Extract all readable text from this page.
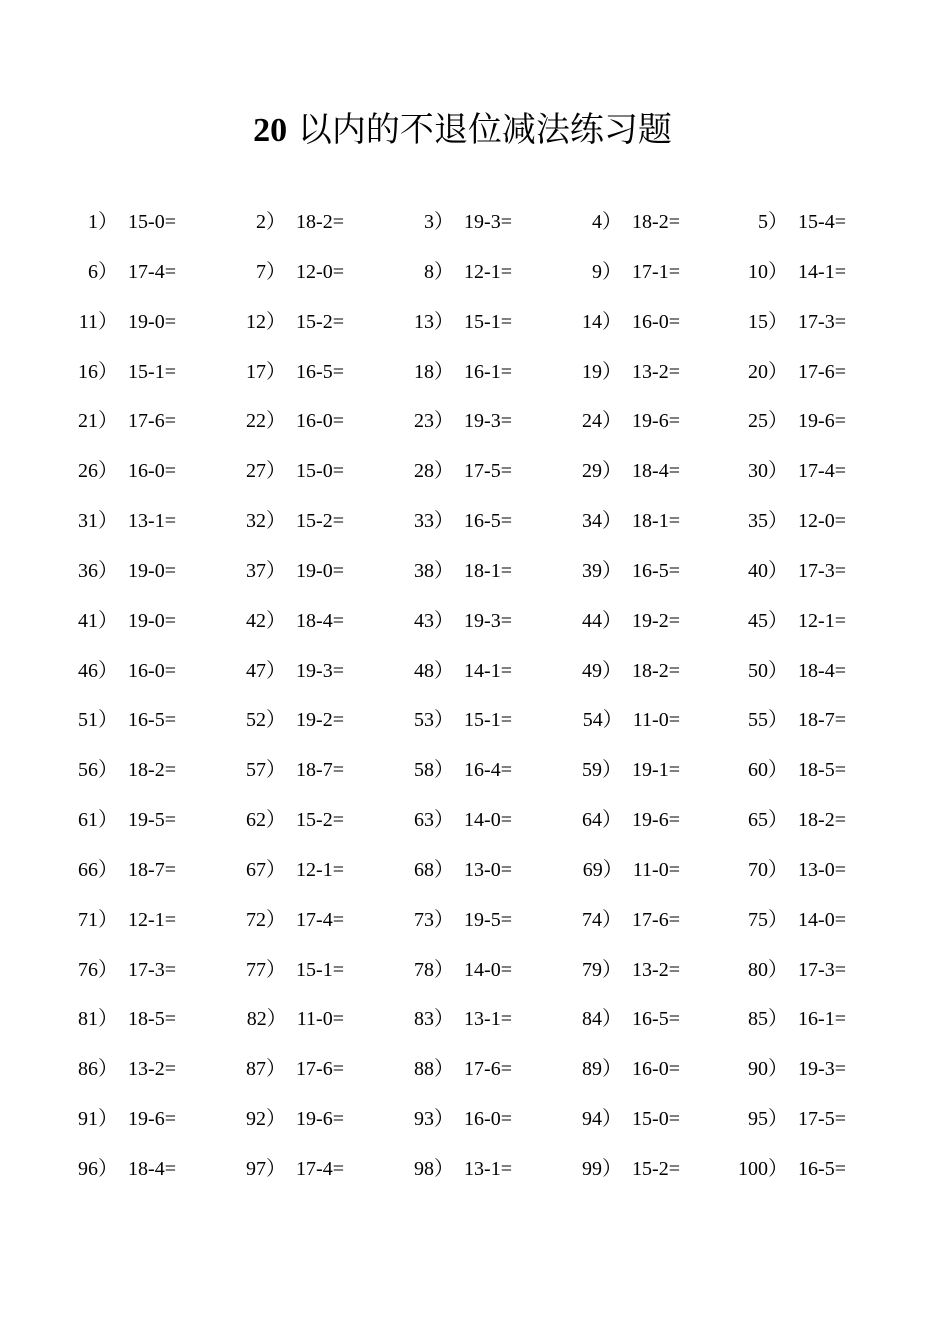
20 以内的不退位减法练习题
1）  15-0=	2）  18-2=	3）  19-3=	4）  18-2=	5）  15-4=
6）  17-4=	7）  12-0=	8）  12-1=	9）  17-1=	10）  14-1=
11）  19-0=	12）  15-2=	13）  15-1=	14）  16-0=	15）  17-3=
16）  15-1=	17）  16-5=	18）  16-1=	19）  13-2=	20）  17-6=
21）  17-6=	22）  16-0=	23）  19-3=	24）  19-6=	25）  19-6=
26）  16-0=	27）  15-0=	28）  17-5=	29）  18-4=	30）  17-4=
31）  13-1=	32）  15-2=	33）  16-5=	34）  18-1=	35）  12-0=
36）  19-0=	37）  19-0=	38）  18-1=	39）  16-5=	40）  17-3=
41）  19-0=	42）  18-4=	43）  19-3=	44）  19-2=	45）  12-1=
46）  16-0=	47）  19-3=	48）  14-1=	49）  18-2=	50）  18-4=
51）  16-5=	52）  19-2=	53）  15-1=	54）  11-0=	55）  18-7=
56）  18-2=	57）  18-7=	58）  16-4=	59）  19-1=	60）  18-5=
61）  19-5=	62）  15-2=	63）  14-0=	64）  19-6=	65）  18-2=
66）  18-7=	67）  12-1=	68）  13-0=	69）  11-0=	70）  13-0=
71）  12-1=	72）  17-4=	73）  19-5=	74）  17-6=	75）  14-0=
76）  17-3=	77）  15-1=	78）  14-0=	79）  13-2=	80）  17-3=
81）  18-5=	82）  11-0=	83）  13-1=	84）  16-5=	85）  16-1=
86）  13-2=	87）  17-6=	88）  17-6=	89）  16-0=	90）  19-3=
91）  19-6=	92）  19-6=	93）  16-0=	94）  15-0=	95）  17-5=
96）  18-4=	97）  17-4=	98）  13-1=	99）  15-2=	100）  16-5=
